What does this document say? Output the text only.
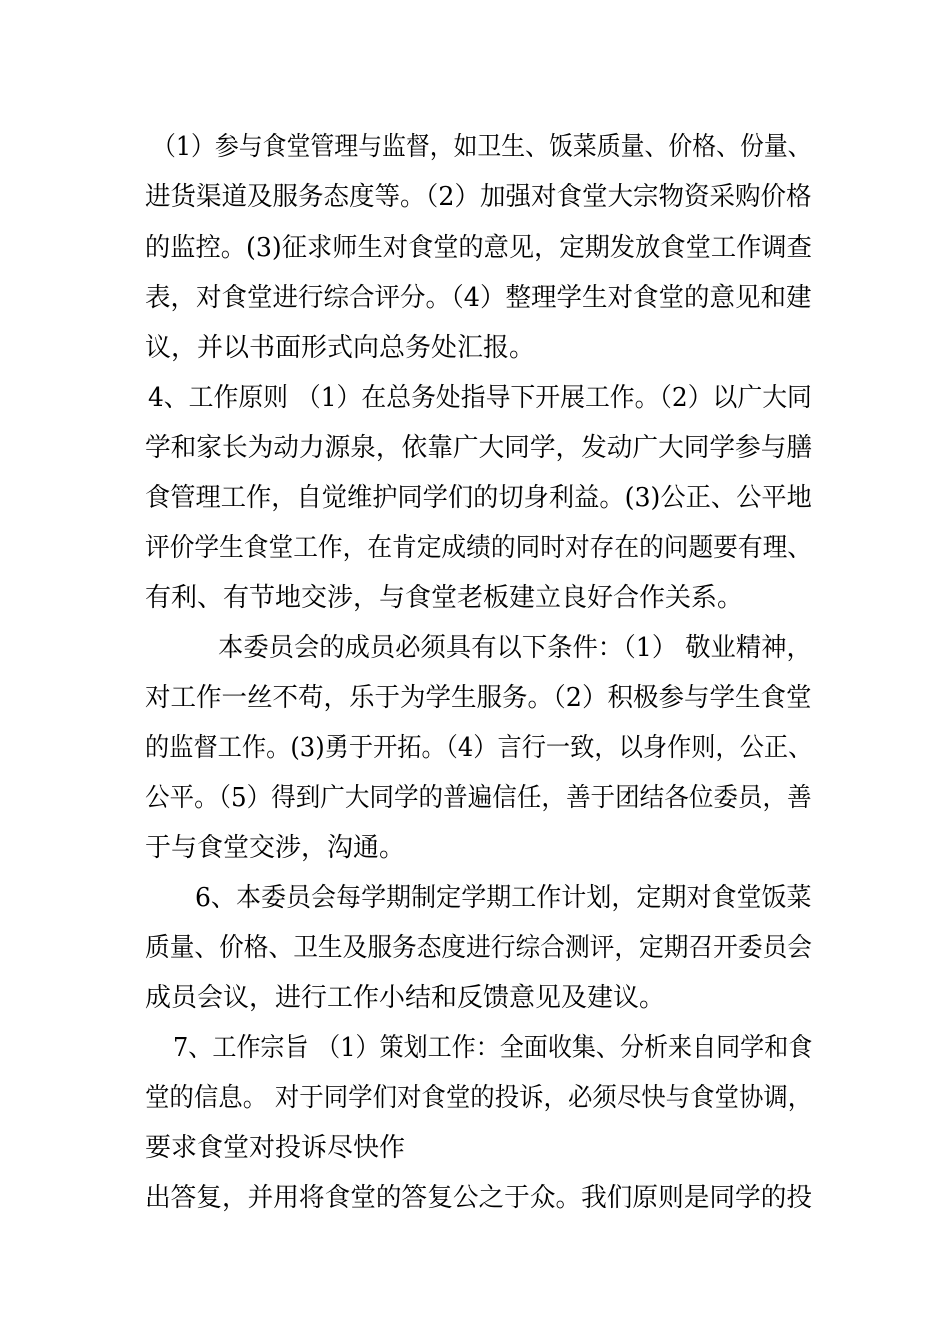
（1）参与食堂管理与监督，如卫生、饭菜质量、价格、份量、
进货渠道及服务态度等。（2）加强对食堂大宗物资采购价格
的监控。(3)征求师生对食堂的意见，定期发放食堂工作调查
表，对食堂进行综合评分。（4）整理学生对食堂的意见和建
议，并以书面形式向总务处汇报。
4、工作原则 （1）在总务处指导下开展工作。（2）以广大同
学和家长为动力源泉，依靠广大同学，发动广大同学参与膳
食管理工作，自觉维护同学们的切身利益。(3)公正、公平地
评价学生食堂工作，在肯定成绩的同时对存在的问题要有理、
有利、有节地交涉，与食堂老板建立良好合作关系。
本委员会的成员必须具有以下条件：（1） 敬业精神，
对工作一丝不苟，乐于为学生服务。（2）积极参与学生食堂
的监督工作。(3)勇于开拓。（4）言行一致，以身作则，公正、
公平。（5）得到广大同学的普遍信任，善于团结各位委员，善
于与食堂交涉，沟通。
6、本委员会每学期制定学期工作计划，定期对食堂饭菜
质量、价格、卫生及服务态度进行综合测评，定期召开委员会
成员会议，进行工作小结和反馈意见及建议。
7、工作宗旨 （1）策划工作：全面收集、分析来自同学和食
堂的信息。 对于同学们对食堂的投诉，必须尽快与食堂协调，
要求食堂对投诉尽快作
出答复，并用将食堂的答复公之于众。我们原则是同学的投
